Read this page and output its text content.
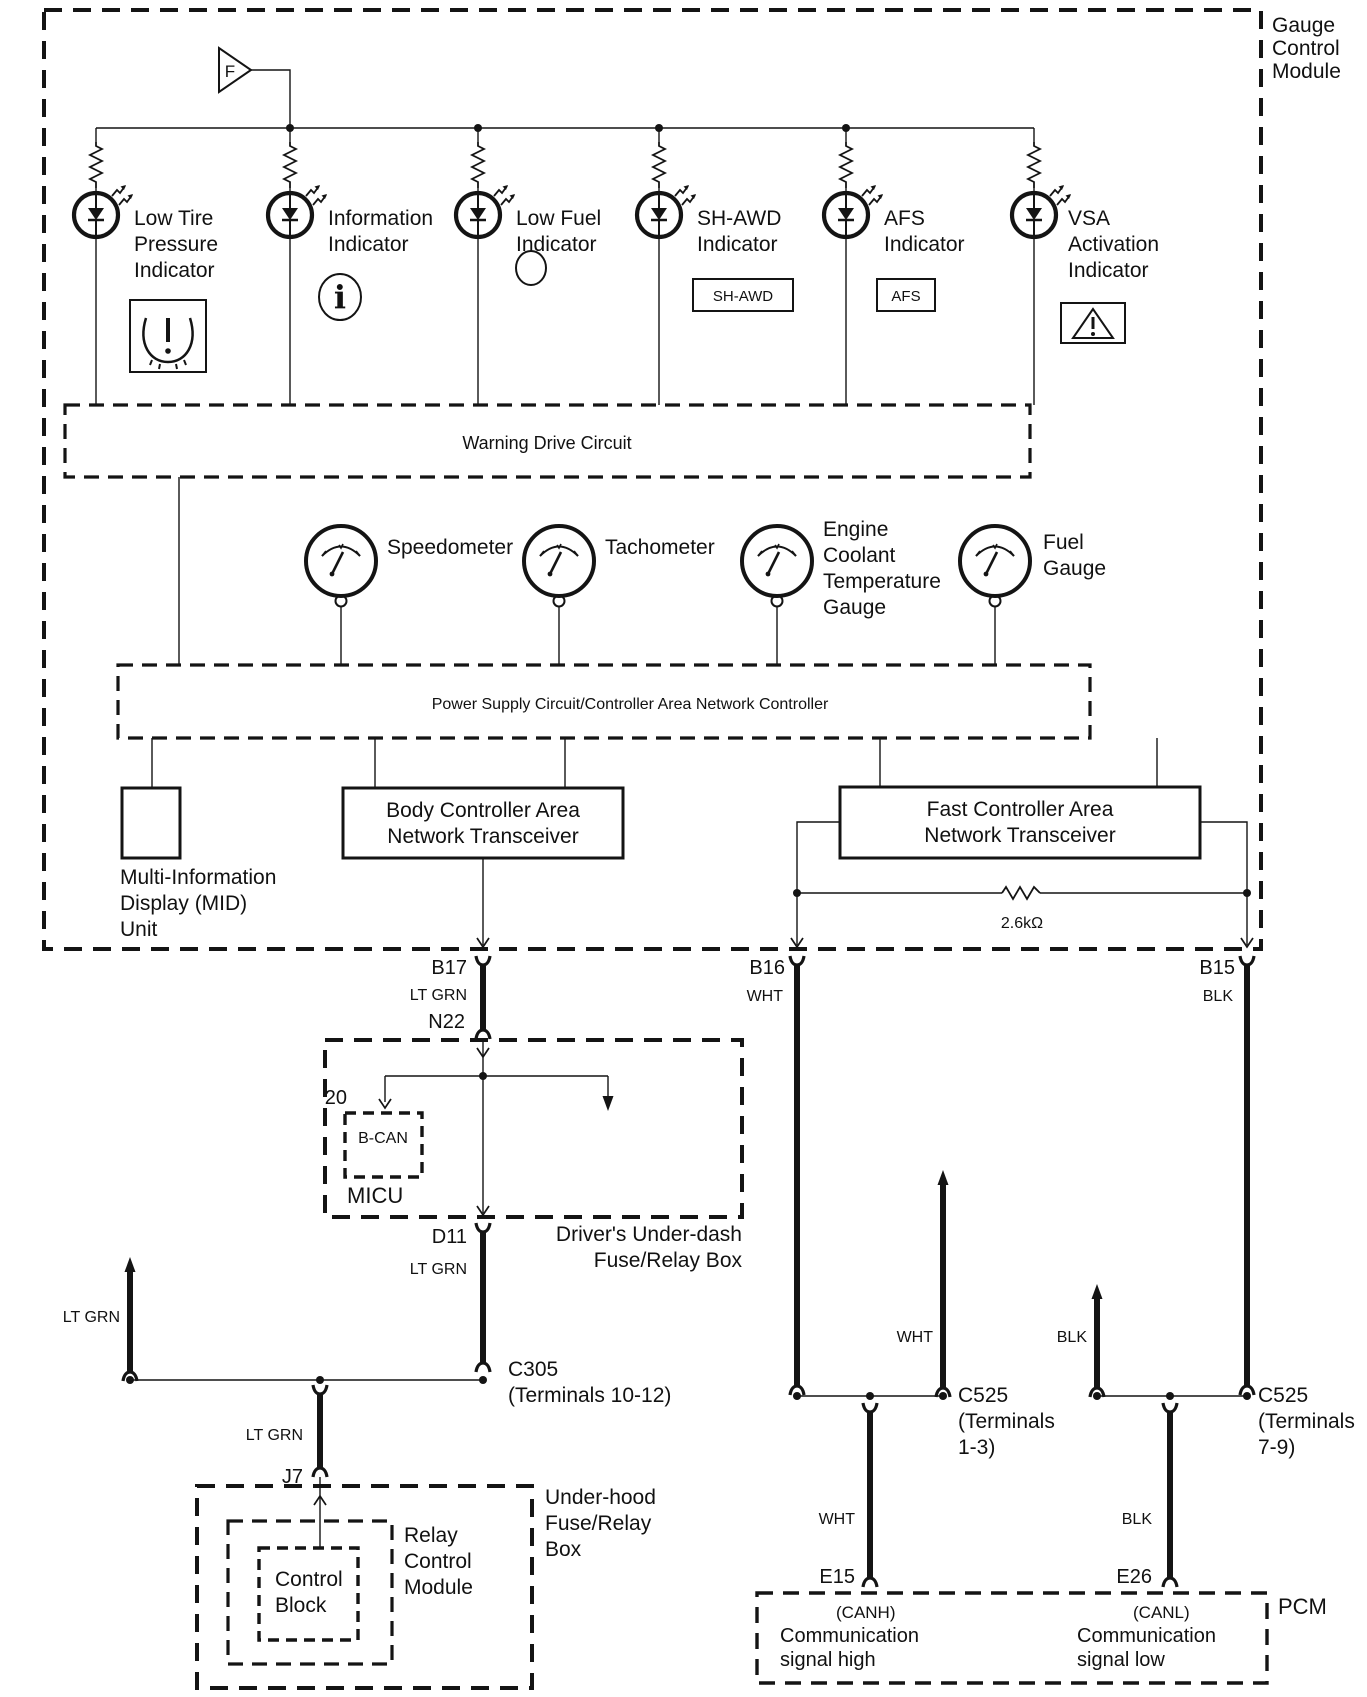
Gauge
Control
Module
F
Low Tire
Pressure
Indicator
Information
Indicator
Low Fuel
Indicator
SH-AWD
Indicator
AFS
Indicator
VSA
Activation
Indicator
i	SH-AWD	AFS
Warning Drive Circuit
Speedometer	Tachometer
Engine
Coolant
Temperature
Gauge
Fuel
Gauge
Power Supply Circuit/Controller Area Network Controller
Multi-Information
Display (MID)
Unit
Body Controller Area
Network Transceiver
Fast Controller Area
Network Transceiver
2.6kΩ
B17
LT GRN
N22
B16
WHT
B15
BLK
20
B-CAN
MICU
Driver's Under-dash
Fuse/Relay Box
D11
LT GRN
C305
(Terminals 10-12)
LT GRN
LT GRN
J7
Control
Block
Relay
Control
Module
Under-hood
Fuse/Relay
Box
WHT
C525
(Terminals
1-3)
BLK
C525
(Terminals
7-9)
WHT
E15
BLK
E26
PCM
(CANH)
Communication
signal high
(CANL)
Communication
signal low
